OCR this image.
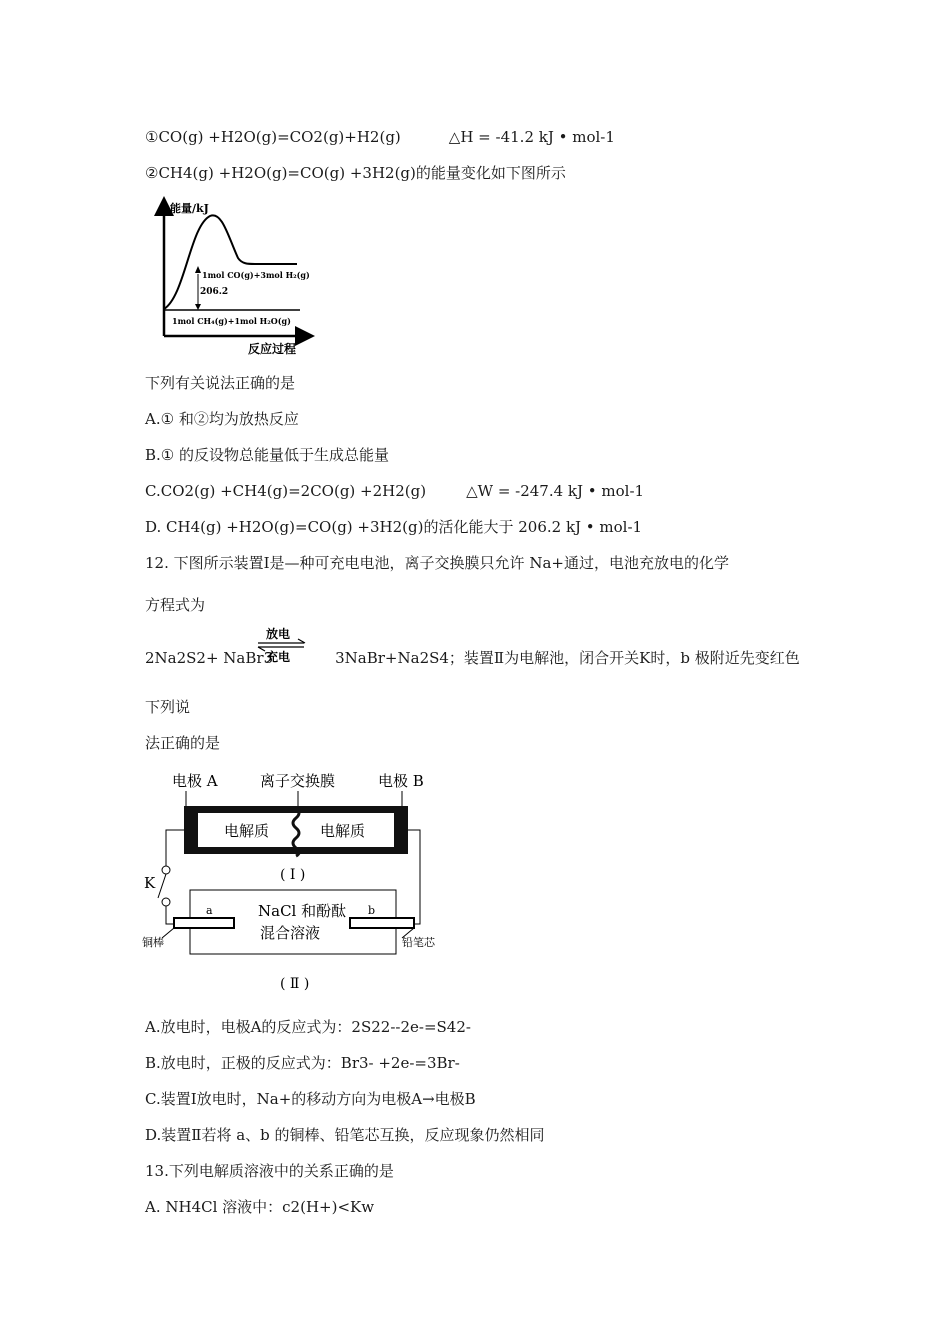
①CO(g) +H2O(g)=CO2(g)+H2(g)	△H = -41.2 kJ • mol-1
②CH4(g) +H2O(g)=CO(g) +3H2(g)的能量变化如下图所示
能量/kJ
反应过程
1mol CO(g)+3mol H₂(g)
206.2
1mol CH₄(g)+1mol H₂O(g)
下列有关说法正确的是
A.① 和②均为放热反应
B.① 的反设物总能量低于生成总能量
C.CO2(g) +CH4(g)=2CO(g) +2H2(g)	△W = -247.4 kJ • mol-1
D. CH4(g) +H2O(g)=CO(g) +3H2(g)的活化能大于 206.2 kJ • mol-1
12. 下图所示装置Ⅰ是—种可充电电池，离子交换膜只允许 Na+通过，电池充放电的化学
方程式为
2Na2S2+ NaBr3	3NaBr+Na2S4；装置Ⅱ为电解池，闭合开关K时，b 极附近先变红色
放电
充电
下列说
法正确的是
电极 A	离子交换膜	电极 B
电解质	电解质
( Ⅰ )
K
a	b
NaCl 和酚酞
混合溶液
铜棒	铅笔芯
( Ⅱ )
A.放电时，电极A的反应式为：2S22--2e-=S42-
B.放电时，正极的反应式为：Br3- +2e-=3Br-
C.装置Ⅰ放电时，Na+的移动方向为电极A→电极B
D.装置Ⅱ若将 a、b 的铜棒、铅笔芯互换，反应现象仍然相同
13.下列电解质溶液中的关系正确的是
A. NH4Cl 溶液中：c2(H+)<Kw
